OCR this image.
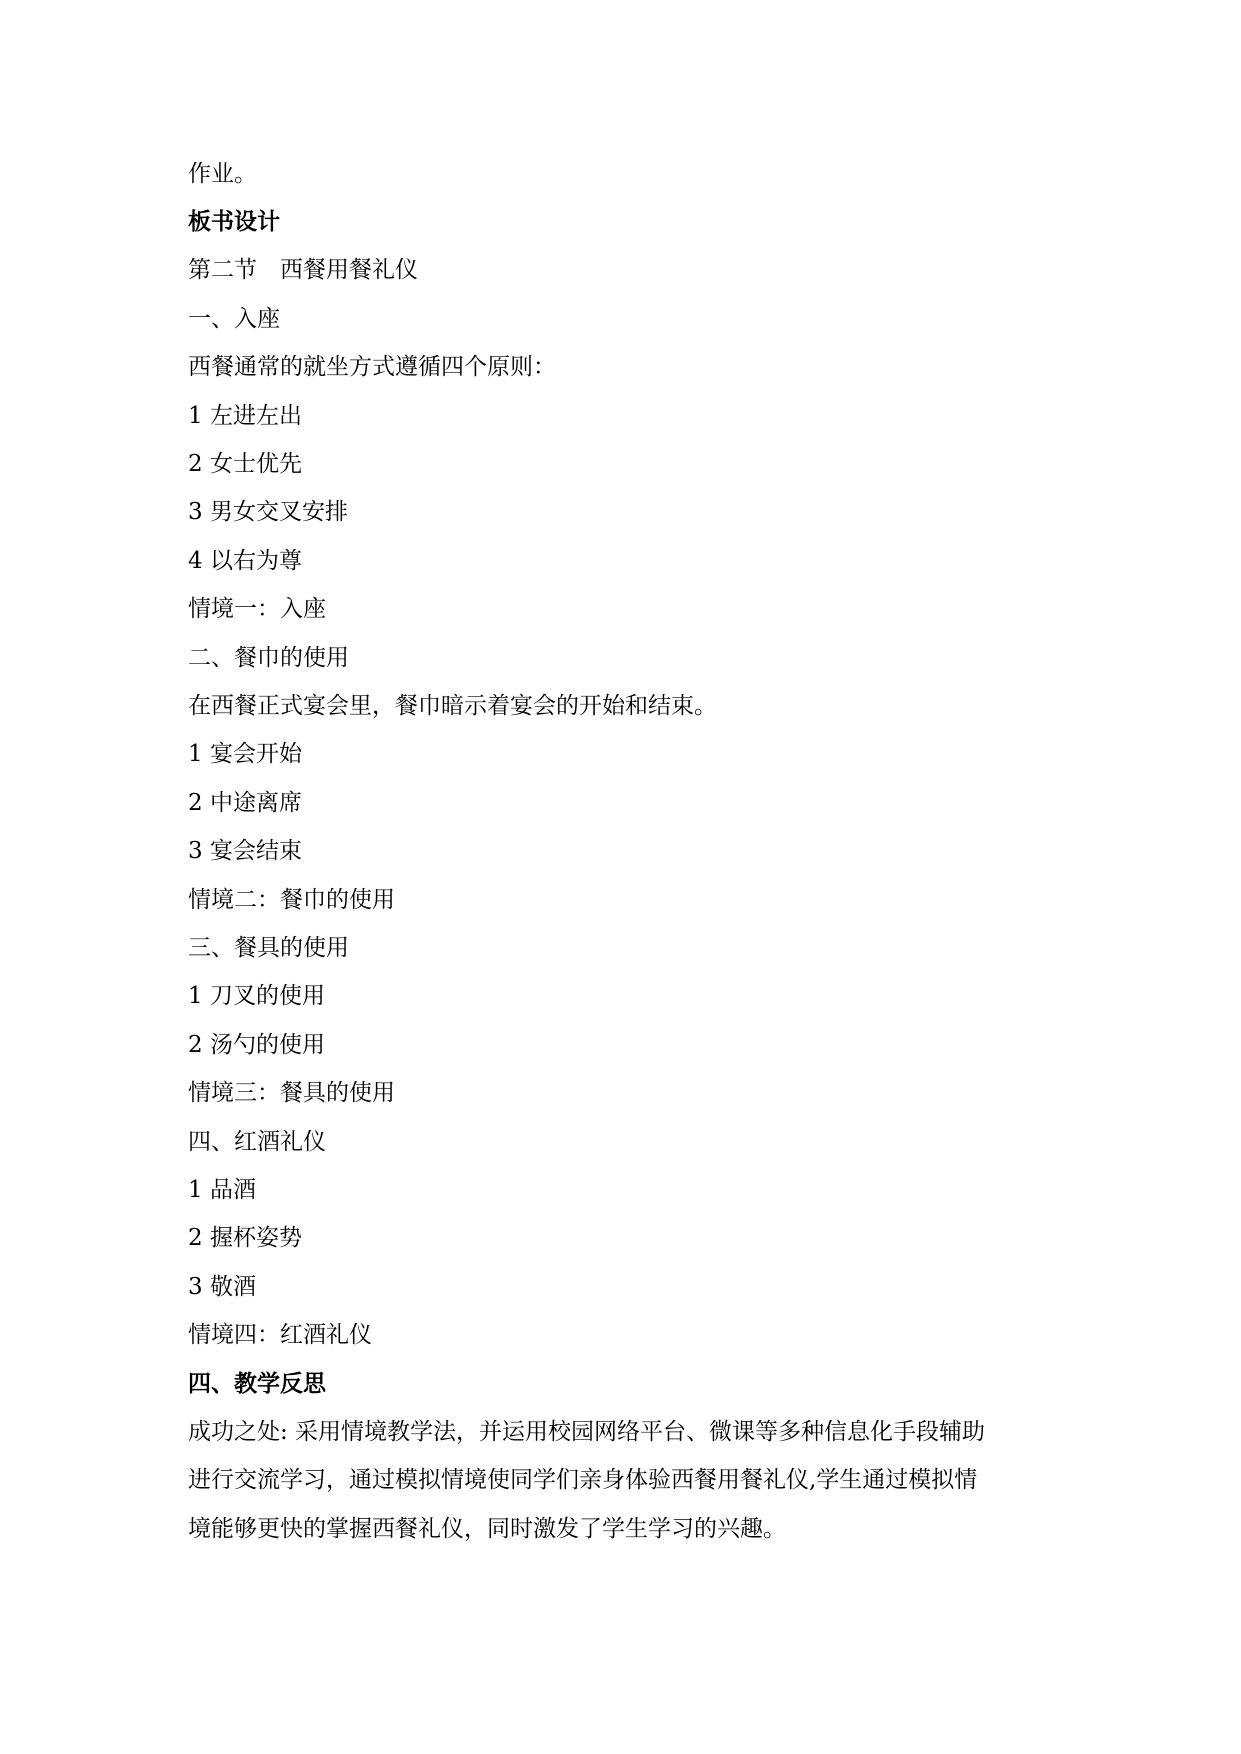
作业。
板书设计
第二节　西餐用餐礼仪
一、入座
西餐通常的就坐方式遵循四个原则：
1 左进左出
2 女士优先
3 男女交叉安排
4 以右为尊
情境一：入座
二、餐巾的使用
在西餐正式宴会里，餐巾暗示着宴会的开始和结束。
1 宴会开始
2 中途离席
3 宴会结束
情境二：餐巾的使用
三、餐具的使用
1 刀叉的使用
2 汤勺的使用
情境三：餐具的使用
四、红酒礼仪
1 品酒
2 握杯姿势
3 敬酒
情境四：红酒礼仪
四、教学反思
成功之处: 采用情境教学法，并运用校园网络平台、微课等多种信息化手段辅助
进行交流学习，通过模拟情境使同学们亲身体验西餐用餐礼仪,学生通过模拟情
境能够更快的掌握西餐礼仪，同时激发了学生学习的兴趣。
